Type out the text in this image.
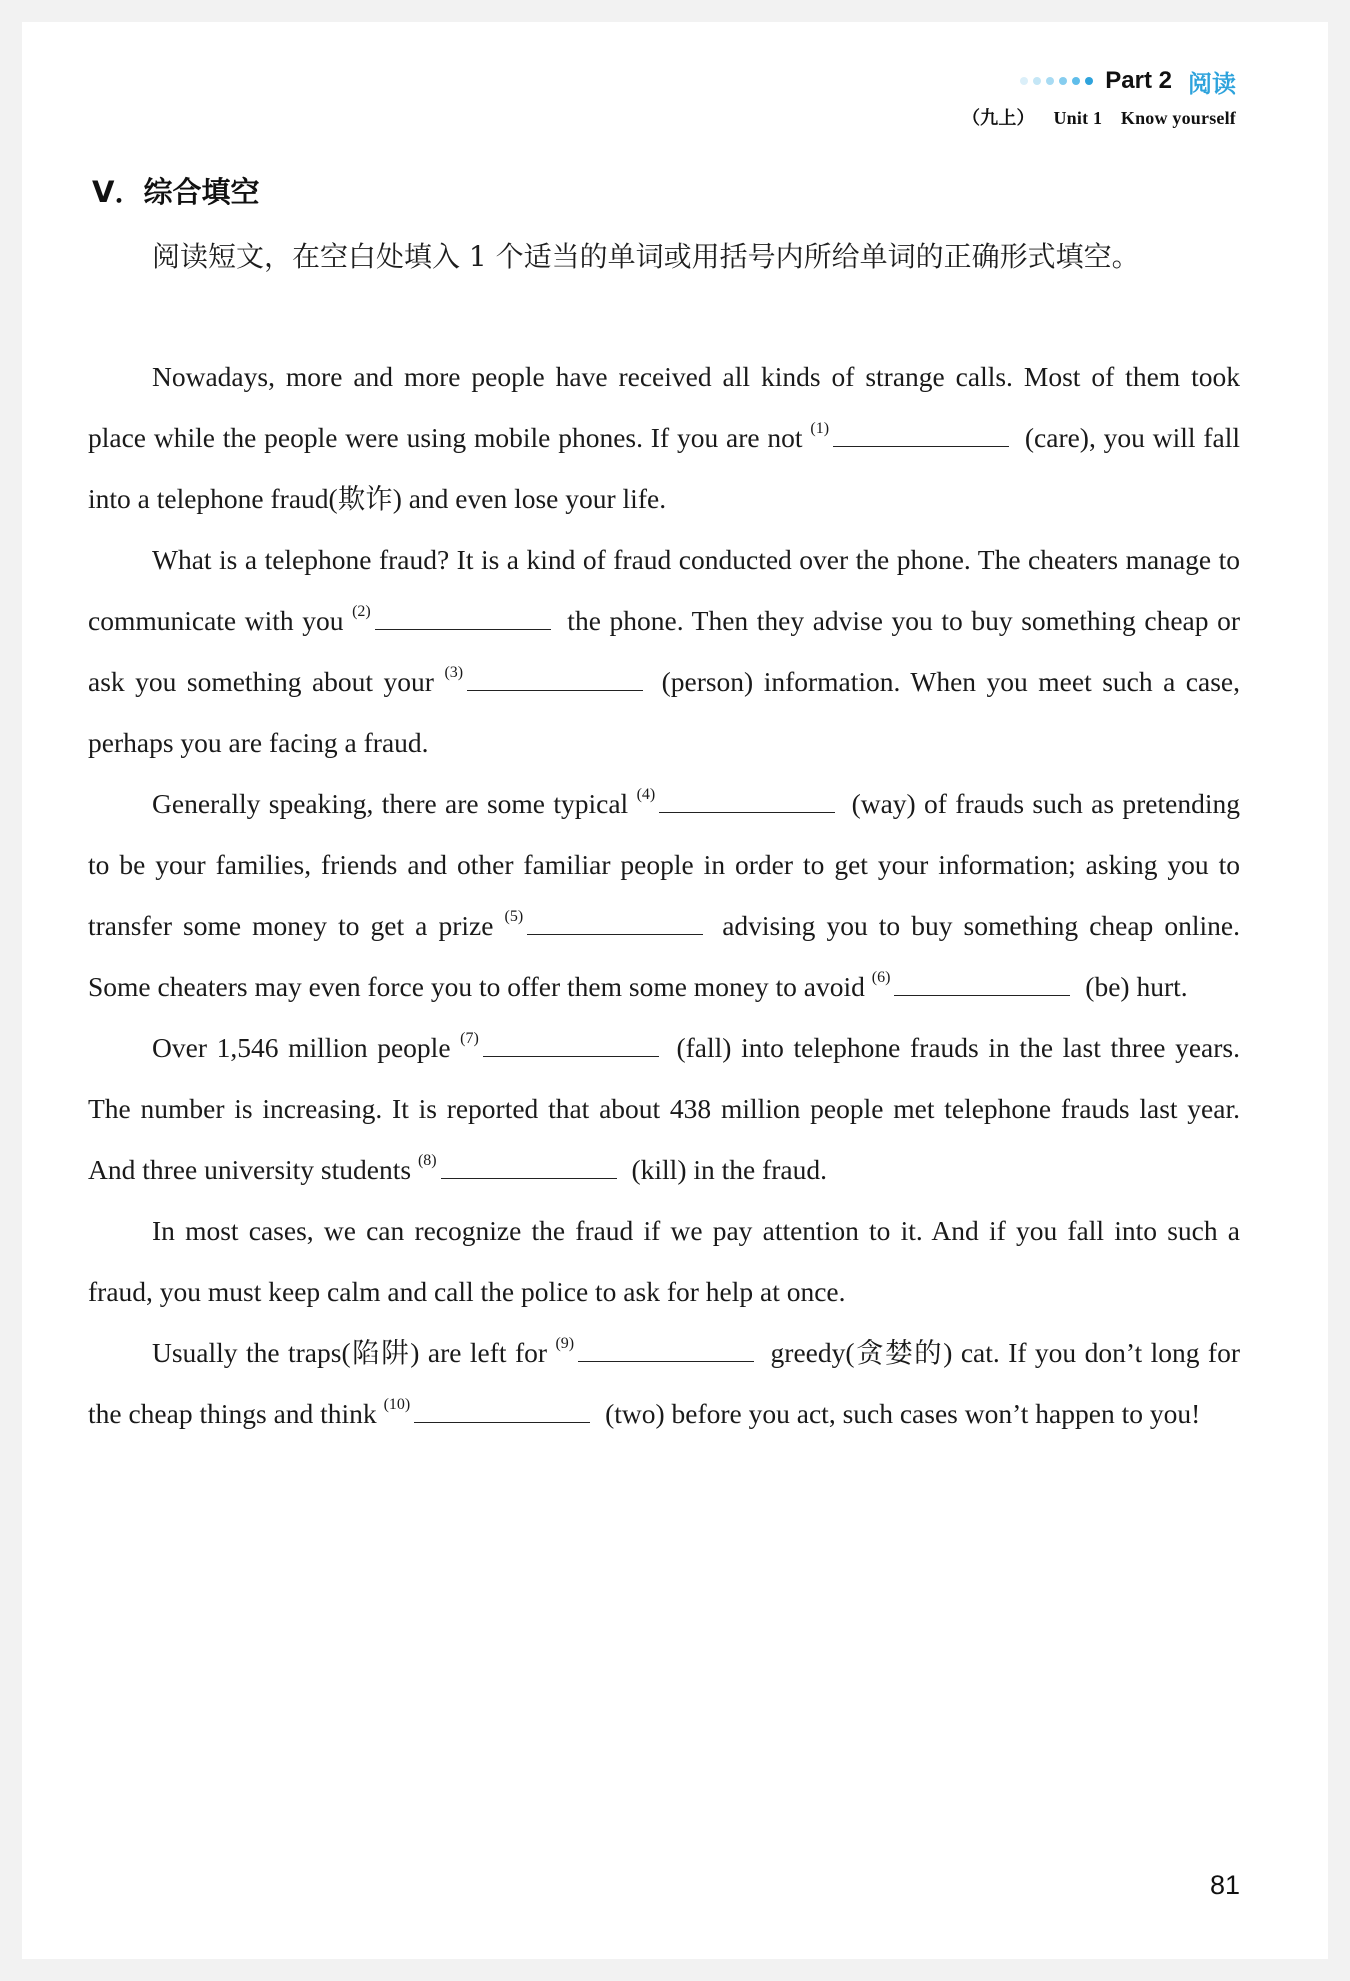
Part 2 阅读
（九上） Unit 1 Know yourself
V．综合填空

阅读短文，在空白处填入 1 个适当的单词或用括号内所给单词的正确形式填空。

Nowadays, more and more people have received all kinds of strange calls. Most of them took place while the people were using mobile phones. If you are not $^{(1)}$	(care), you will fall into a telephone fraud(欺诈) and even lose your life.

What is a telephone fraud? It is a kind of fraud conducted over the phone. The cheaters manage to communicate with you $^{(2)}$	the phone. Then they advise you to buy something cheap or ask you something about your $^{(3)}$	(person) information. When you meet such a case, perhaps you are facing a fraud.

Generally speaking, there are some typical $^{(4)}$	(way) of frauds such as pretending to be your families, friends and other familiar people in order to get your information; asking you to transfer some money to get a prize $^{(5)}$	advising you to buy something cheap online. Some cheaters may even force you to offer them some money to avoid $^{(6)}$	(be) hurt.

Over 1,546 million people $^{(7)}$	(fall) into telephone frauds in the last three years. The number is increasing. It is reported that about 438 million people met telephone frauds last year. And three university students $^{(8)}$	(kill) in the fraud.

In most cases, we can recognize the fraud if we pay attention to it. And if you fall into such a fraud, you must keep calm and call the police to ask for help at once.

Usually the traps(陷阱) are left for $^{(9)}$	greedy(贪婪的) cat. If you don’t long for the cheap things and think $^{(10)}$	(two) before you act, such cases won’t happen to you!

81
